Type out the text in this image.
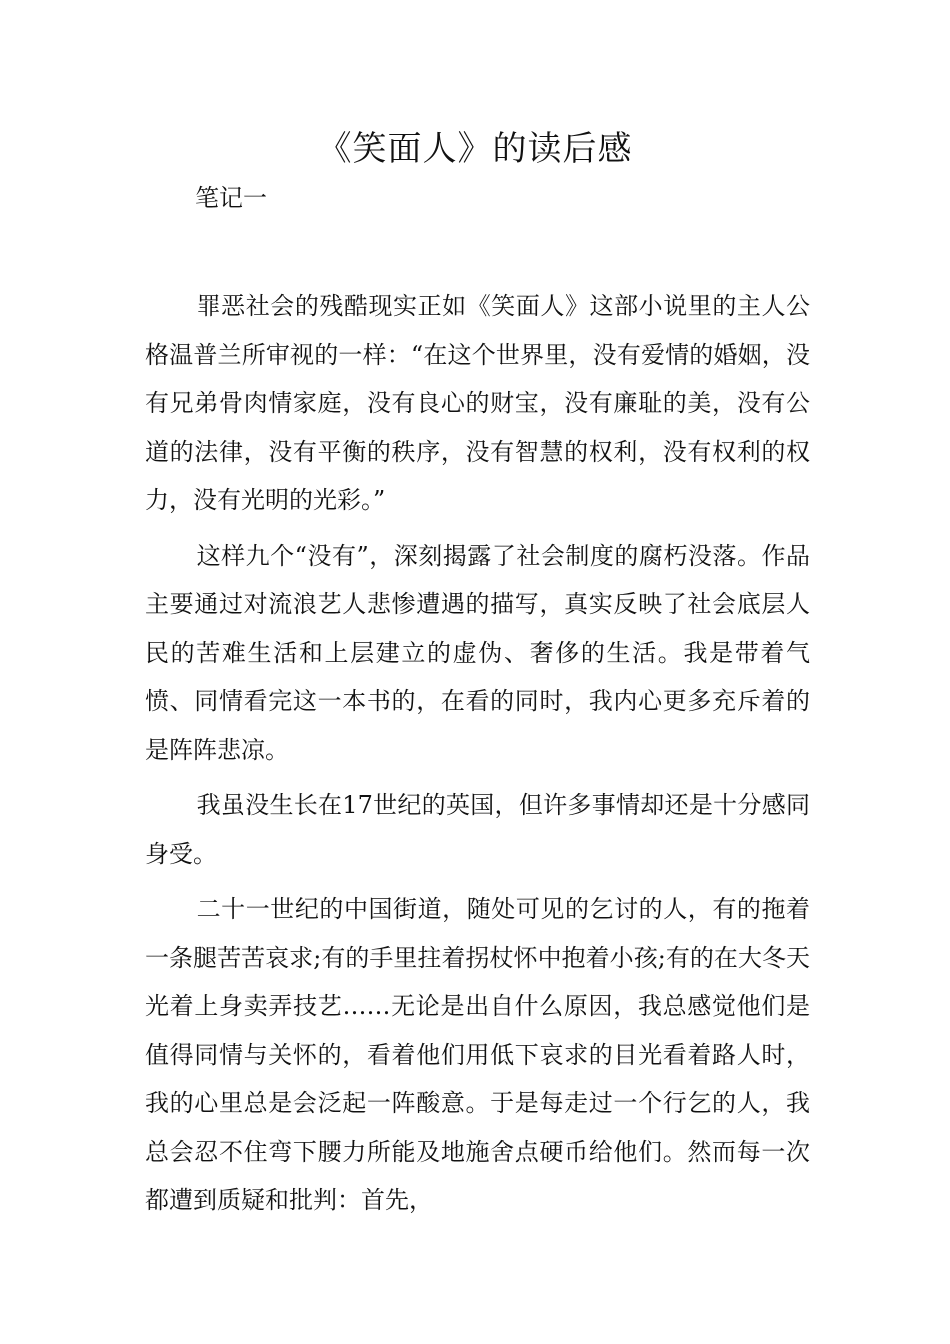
《笑面人》的读后感

笔记一

罪恶社会的残酷现实正如《笑面人》这部小说里的主人公格温普兰所审视的一样：“在这个世界里，没有爱情的婚姻，没有兄弟骨肉情家庭，没有良心的财宝，没有廉耻的美，没有公道的法律，没有平衡的秩序，没有智慧的权利，没有权利的权力，没有光明的光彩。”

这样九个“没有”，深刻揭露了社会制度的腐朽没落。作品主要通过对流浪艺人悲惨遭遇的描写，真实反映了社会底层人民的苦难生活和上层建立的虚伪、奢侈的生活。我是带着气愤、同情看完这一本书的，在看的同时，我内心更多充斥着的是阵阵悲凉。

我虽没生长在17世纪的英国，但许多事情却还是十分感同身受。

二十一世纪的中国街道，随处可见的乞讨的人，有的拖着一条腿苦苦哀求;有的手里拄着拐杖怀中抱着小孩;有的在大冬天光着上身卖弄技艺……无论是出自什么原因，我总感觉他们是值得同情与关怀的，看着他们用低下哀求的目光看着路人时，我的心里总是会泛起一阵酸意。于是每走过一个行乞的人，我总会忍不住弯下腰力所能及地施舍点硬币给他们。然而每一次都遭到质疑和批判：首先，
